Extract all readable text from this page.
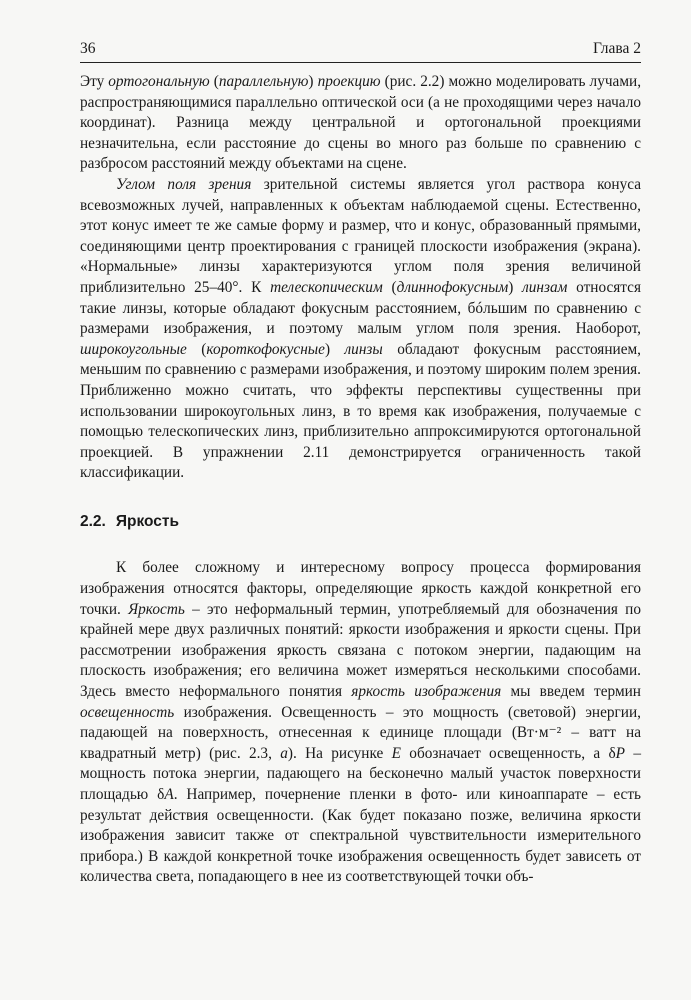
36	Глава 2

Эту ортогональную (параллельную) проекцию (рис. 2.2) можно моделировать лучами, распространяющимися параллельно оптической оси (а не проходящими через начало координат). Разница между центральной и ортогональной проекциями незначительна, если расстояние до сцены во много раз больше по сравнению с разбросом расстояний между объектами на сцене.

Углом поля зрения зрительной системы является угол раствора конуса всевозможных лучей, направленных к объектам наблюдаемой сцены. Естественно, этот конус имеет те же самые форму и размер, что и конус, образованный прямыми, соединяющими центр проектирования с границей плоскости изображения (экрана). «Нормальные» линзы характеризуются углом поля зрения величиной приблизительно 25–40°. К телескопическим (длиннофокусным) линзам относятся такие линзы, которые обладают фокусным расстоянием, бóльшим по сравнению с размерами изображения, и поэтому малым углом поля зрения. Наоборот, широкоугольные (короткофокусные) линзы обладают фокусным расстоянием, меньшим по сравнению с размерами изображения, и поэтому широким полем зрения. Приближенно можно считать, что эффекты перспективы существенны при использовании широкоугольных линз, в то время как изображения, получаемые с помощью телескопических линз, приблизительно аппроксимируются ортогональной проекцией. В упражнении 2.11 демонстрируется ограниченность такой классификации.

2.2. Яркость

К более сложному и интересному вопросу процесса формирования изображения относятся факторы, определяющие яркость каждой конкретной его точки. Яркость – это неформальный термин, употребляемый для обозначения по крайней мере двух различных понятий: яркости изображения и яркости сцены. При рассмотрении изображения яркость связана с потоком энергии, падающим на плоскость изображения; его величина может измеряться несколькими способами. Здесь вместо неформального понятия яркость изображения мы введем термин освещенность изображения. Освещенность – это мощность (световой) энергии, падающей на поверхность, отнесенная к единице площади (Вт·м⁻² – ватт на квадратный метр) (рис. 2.3, а). На рисунке E обозначает освещенность, а δP – мощность потока энергии, падающего на бесконечно малый участок поверхности площадью δA. Например, почернение пленки в фото- или киноаппарате – есть результат действия освещенности. (Как будет показано позже, величина яркости изображения зависит также от спектральной чувствительности измерительного прибора.) В каждой конкретной точке изображения освещенность будет зависеть от количества света, попадающего в нее из соответствующей точки объ-
